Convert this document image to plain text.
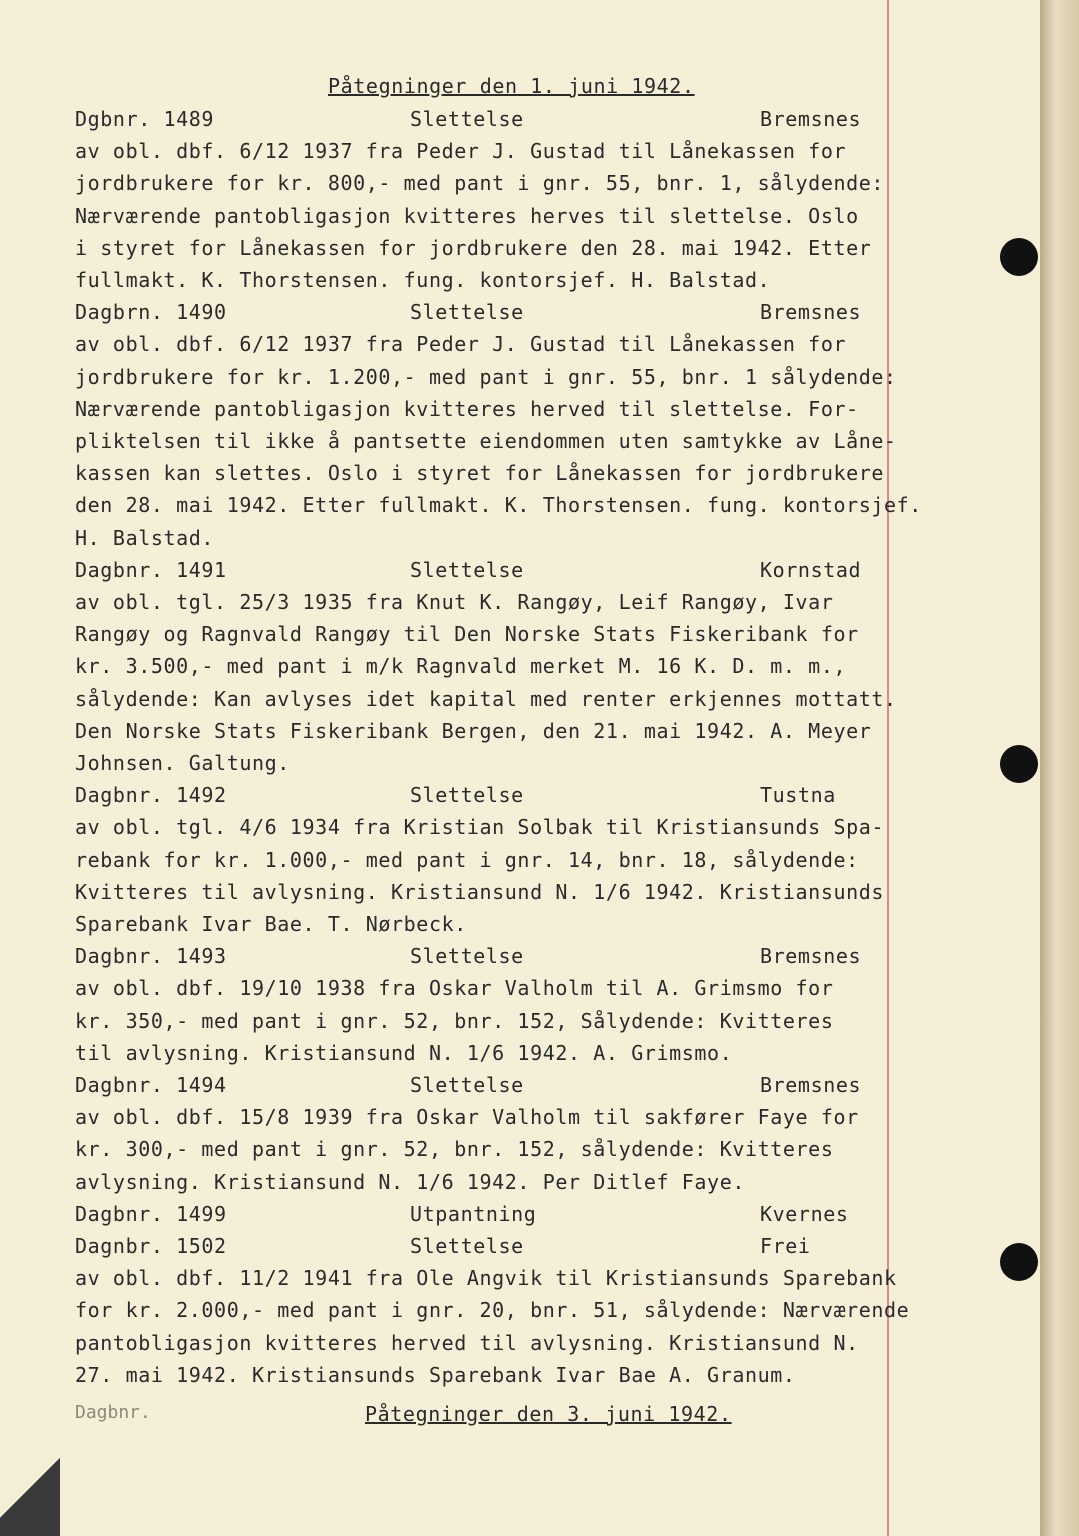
Påtegninger den 1. juni 1942.
Dgbnr. 1489	Slettelse	Bremsnes
av obl. dbf. 6/12 1937 fra Peder J. Gustad til Lånekassen for
jordbrukere for kr. 800,- med pant i gnr. 55, bnr. 1, sålydende:
Nærværende pantobligasjon kvitteres herves til slettelse. Oslo
i styret for Lånekassen for jordbrukere den 28. mai 1942. Etter
fullmakt. K. Thorstensen. fung. kontorsjef. H. Balstad.
Dagbrn. 1490	Slettelse	Bremsnes
av obl. dbf. 6/12 1937 fra Peder J. Gustad til Lånekassen for
jordbrukere for kr. 1.200,- med pant i gnr. 55, bnr. 1 sålydende:
Nærværende pantobligasjon kvitteres herved til slettelse. For-
pliktelsen til ikke å pantsette eiendommen uten samtykke av Låne-
kassen kan slettes. Oslo i styret for Lånekassen for jordbrukere
den 28. mai 1942. Etter fullmakt. K. Thorstensen. fung. kontorsjef.
H. Balstad.
Dagbnr. 1491	Slettelse	Kornstad
av obl. tgl. 25/3 1935 fra Knut K. Rangøy, Leif Rangøy, Ivar
Rangøy og Ragnvald Rangøy til Den Norske Stats Fiskeribank for
kr. 3.500,- med pant i m/k Ragnvald merket M. 16 K. D. m. m.,
sålydende: Kan avlyses idet kapital med renter erkjennes mottatt.
Den Norske Stats Fiskeribank Bergen, den 21. mai 1942. A. Meyer
Johnsen. Galtung.
Dagbnr. 1492	Slettelse	Tustna
av obl. tgl. 4/6 1934 fra Kristian Solbak til Kristiansunds Spa-
rebank for kr. 1.000,- med pant i gnr. 14, bnr. 18, sålydende:
Kvitteres til avlysning. Kristiansund N. 1/6 1942. Kristiansunds
Sparebank Ivar Bae. T. Nørbeck.
Dagbnr. 1493	Slettelse	Bremsnes
av obl. dbf. 19/10 1938 fra Oskar Valholm til A. Grimsmo for
kr. 350,- med pant i gnr. 52, bnr. 152, Sålydende: Kvitteres
til avlysning. Kristiansund N. 1/6 1942. A. Grimsmo.
Dagbnr. 1494	Slettelse	Bremsnes
av obl. dbf. 15/8 1939 fra Oskar Valholm til sakfører Faye for
kr. 300,- med pant i gnr. 52, bnr. 152, sålydende: Kvitteres
avlysning. Kristiansund N. 1/6 1942. Per Ditlef Faye.
Dagbnr. 1499	Utpantning	Kvernes
Dagnbr. 1502	Slettelse	Frei
av obl. dbf. 11/2 1941 fra Ole Angvik til Kristiansunds Sparebank
for kr. 2.000,- med pant i gnr. 20, bnr. 51, sålydende: Nærværende
pantobligasjon kvitteres herved til avlysning. Kristiansund N.
27. mai 1942. Kristiansunds Sparebank Ivar Bae A. Granum.
Dagbnr.	Påtegninger den 3. juni 1942.
